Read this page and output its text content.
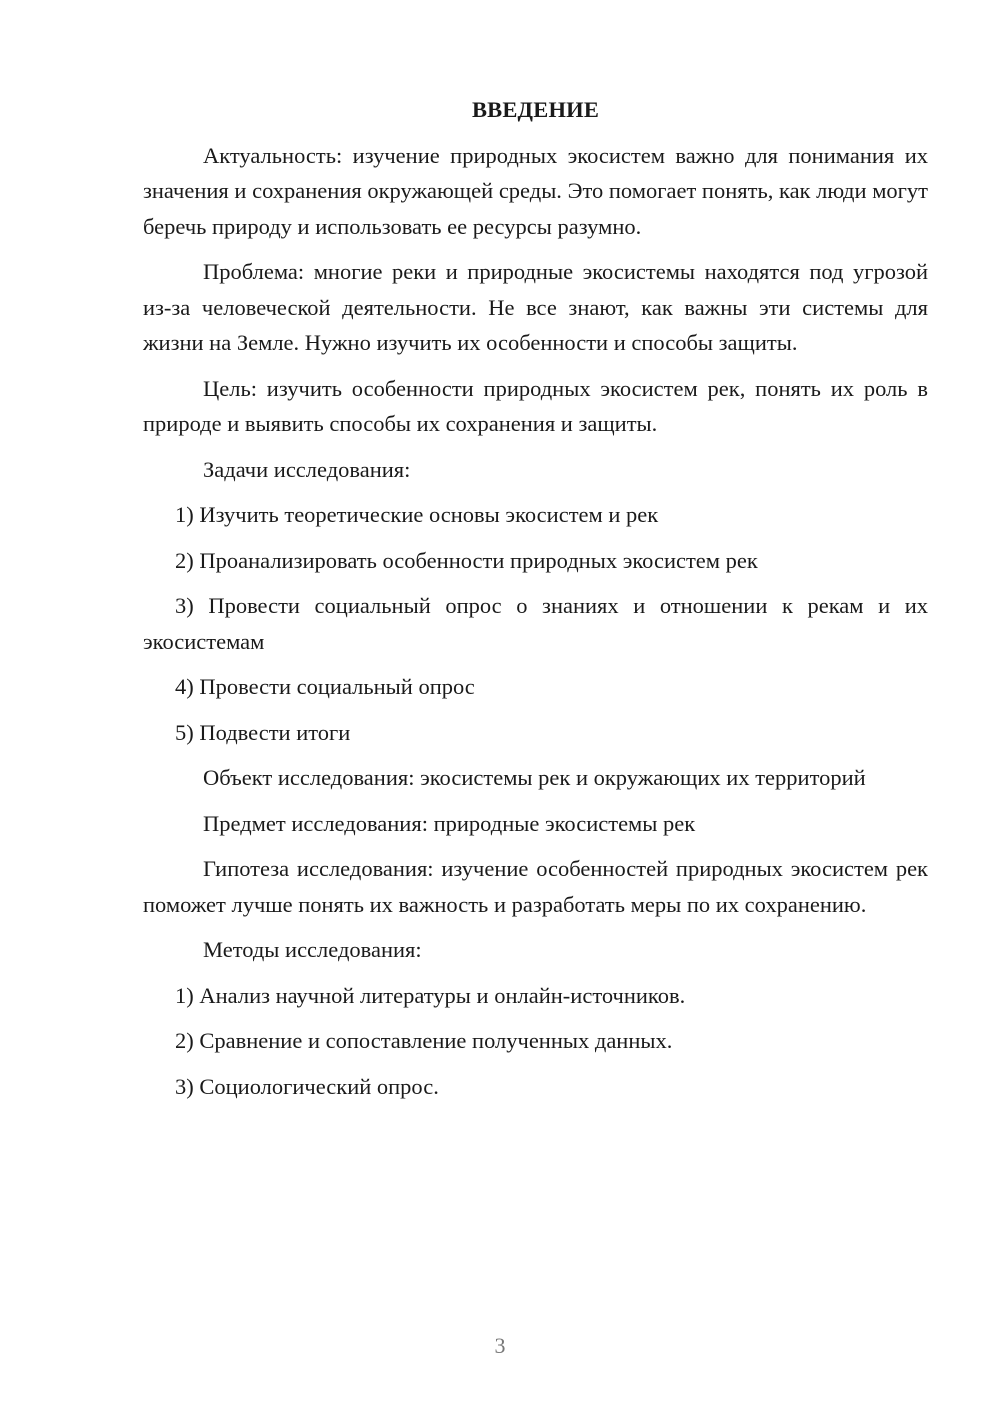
ВВЕДЕНИЕ
Актуальность: изучение природных экосистем важно для понимания их значения и сохранения окружающей среды. Это помогает понять, как люди могут беречь природу и использовать ее ресурсы разумно.
Проблема: многие реки и природные экосистемы находятся под угрозой из-за человеческой деятельности. Не все знают, как важны эти системы для жизни на Земле. Нужно изучить их особенности и способы защиты.
Цель: изучить особенности природных экосистем рек, понять их роль в природе и выявить способы их сохранения и защиты.
Задачи исследования:
1) Изучить теоретические основы экосистем и рек
2) Проанализировать особенности природных экосистем рек
3) Провести социальный опрос о знаниях и отношении к рекам и их экосистемам
4) Провести социальный опрос
5) Подвести итоги
Объект исследования: экосистемы рек и окружающих их территорий
Предмет исследования: природные экосистемы рек
Гипотеза исследования: изучение особенностей природных экосистем рек поможет лучше понять их важность и разработать меры по их сохранению.
Методы исследования:
1) Анализ научной литературы и онлайн-источников.
2) Сравнение и сопоставление полученных данных.
3) Социологический опрос.
3
